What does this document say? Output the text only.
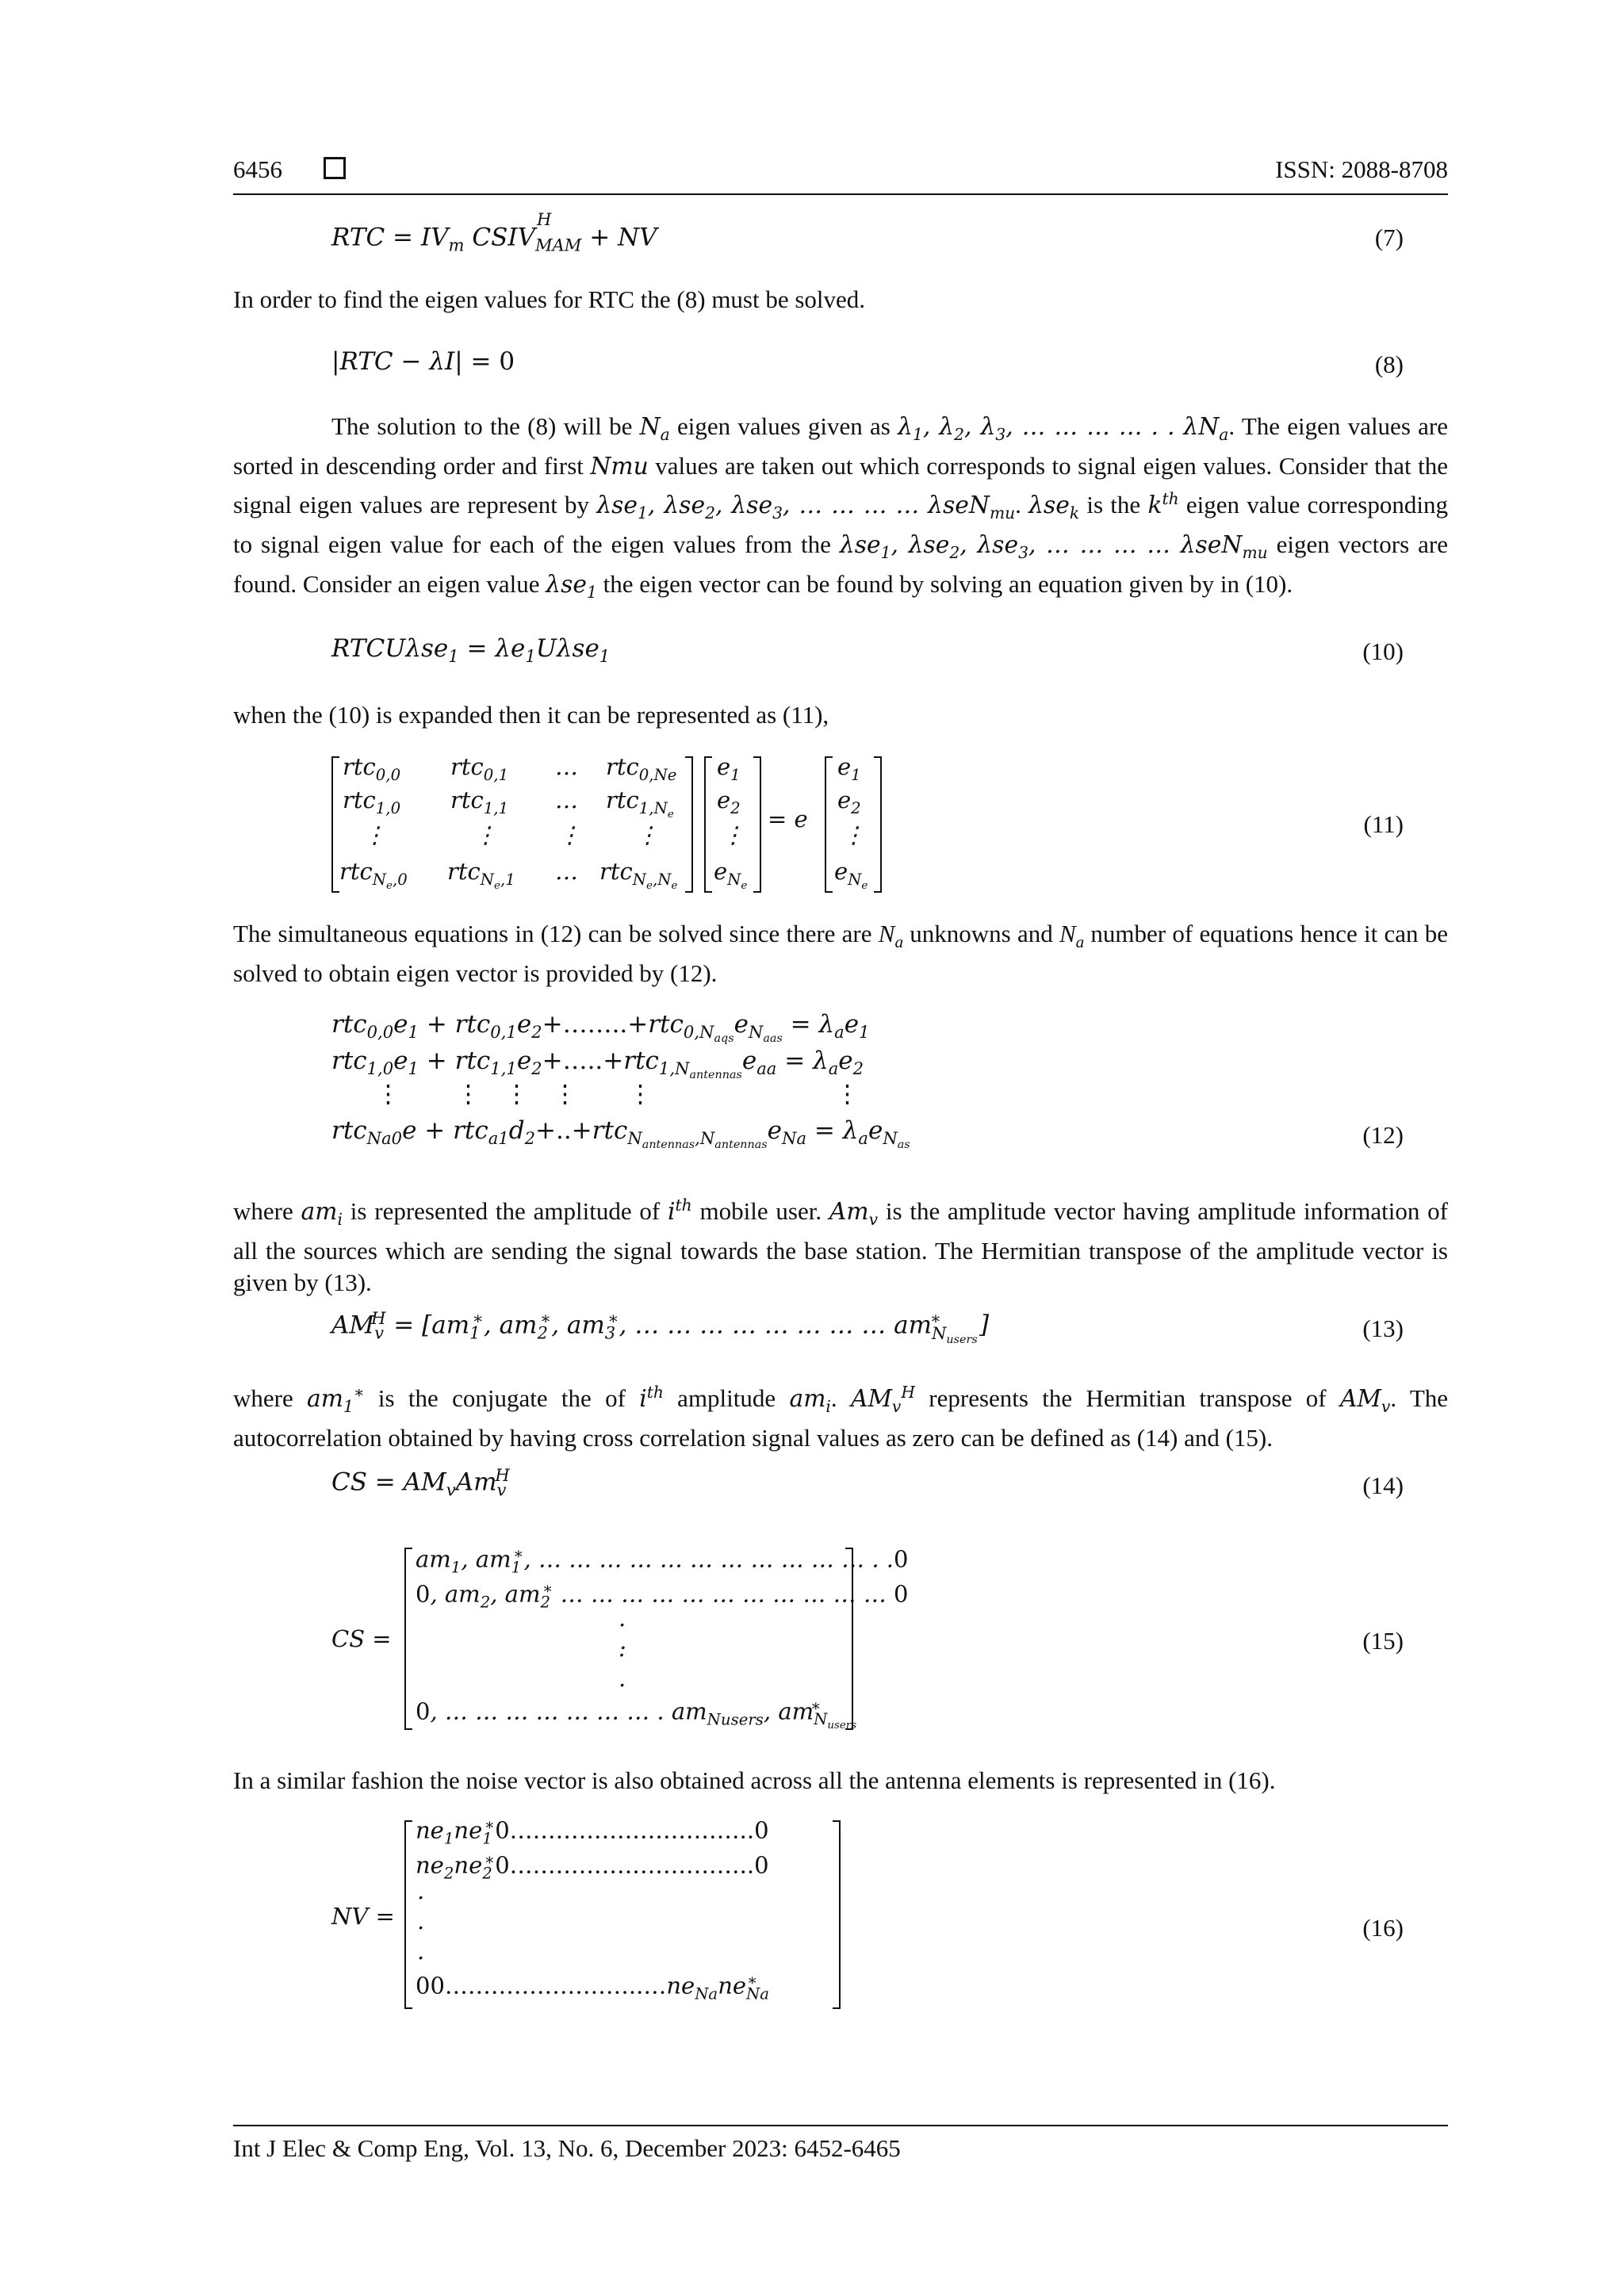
6456	ISSN: 2088-8708
RTC = $IV_m$ CSIV
$^H$
$_{MAM}$ + NV	(7)
In order to find the eigen values for RTC the (8) must be solved.
|RTC − λI| = 0	(8)
The solution to the (8) will be $N_a$ eigen values given as $\lambda_1$, $\lambda_2$, $\lambda_3$, … … … … . . $\lambda N_a$. The eigen values are sorted in descending order and first Nmu values are taken out which corresponds to signal eigen values. Consider that the signal eigen values are represent by λse$_1$, λse$_2$, λse$_3$, … … … … λseN$_{mu}$. λse$_k$ is the $k^{th}$ eigen value corresponding to signal eigen value for each of the eigen values from the λse$_1$, λse$_2$, λse$_3$, … … … … λseN$_{mu}$ eigen vectors are found. Consider an eigen value λse$_1$ the eigen vector can be found by solving an equation given by in (10).
RTCUλse$_1$ = $\lambda e_1U\lambda se_1$	(10)
when the (10) is expanded then it can be represented as (11),
rtc$_{0,0}$ rtc$_{0,1}$ … rtc$_{0,Ne}$
rtc$_{1,0}$ rtc$_{1,1}$ … rtc$_{1,N_e}$
⋮	⋮	⋮ ⋮
rtc$_{N_e,0}$ rtc$_{N_e,1}$ … rtc$_{N_e,N_e}$
$e_1$
$e_2$
⋮
$e_{N_e}$
= e
$e_1$
$e_2$
⋮
$e_{N_e}$
(11)
The simultaneous equations in (12) can be solved since there are $N_a$ unknowns and $N_a$ number of equations hence it can be solved to obtain eigen vector is provided by (12).
$rtc_{0,0}e_1$ + $rtc_{0,1}e_2+\dots\dots..+rtc_{0,N_{aqs}}e_{N_{aas}} = \lambda_ae_1$
$rtc_{1,0}e_1$ + $rtc_{1,1}e_2+\dots..+rtc_{1,N_{antennas}}e_{aa} = \lambda_ae_2$
⋮ ⋮ ⋮ ⋮ ⋮	⋮
$rtc_{Na0}e + rtc_{a1}d_2+..+rtc_{N_{antennas},N_{antennas}}e_{Na} = \lambda_ae_{N_{as}}$	(12)
where $am_i$ is represented the amplitude of $i^{th}$ mobile user. $Am_v$ is the amplitude vector having amplitude information of all the sources which are sending the signal towards the base station. The Hermitian transpose of the amplitude vector is given by (13).
$AM_v^H = [am_1^∗$, $am_2^∗$, $am_3^∗$, … … … … … … … … $am_{N_{users}}^∗$ ]	(13)
where $am_1^∗$ is the conjugate the of $i^{th}$ amplitude $am_i$. $AM_v^H$ represents the Hermitian transpose of $AM_v$. The autocorrelation obtained by having cross correlation signal values as zero can be defined as (14) and (15).
CS = $AM_vAm_v^H$	(14)
CS =
$am_1$, $am_1^∗$, … … … … … … … … … … … . .0
0, $am_2$, $am_2^∗$ … … … … … … … … … … … 0
.
:
.
0, … … … … … … … . $am_{Nusers}$, $am_{N_{users}}^∗$
(15)
In a similar fashion the noise vector is also obtained across all the antenna elements is represented in (16).
NV =
$ne_1ne_1^∗0\dots\dots\dots\dots\dots\dots\dots\dots\dots\dots..0$
$ne_2ne_2^∗0\dots\dots\dots\dots\dots\dots\dots\dots\dots\dots..0$
.
.
.
$00\dots\dots\dots\dots\dots\dots\dots\dots..\dots ne_{Na}ne_{Na}^∗$
(16)
Int J Elec & Comp Eng, Vol. 13, No. 6, December 2023: 6452-6465
